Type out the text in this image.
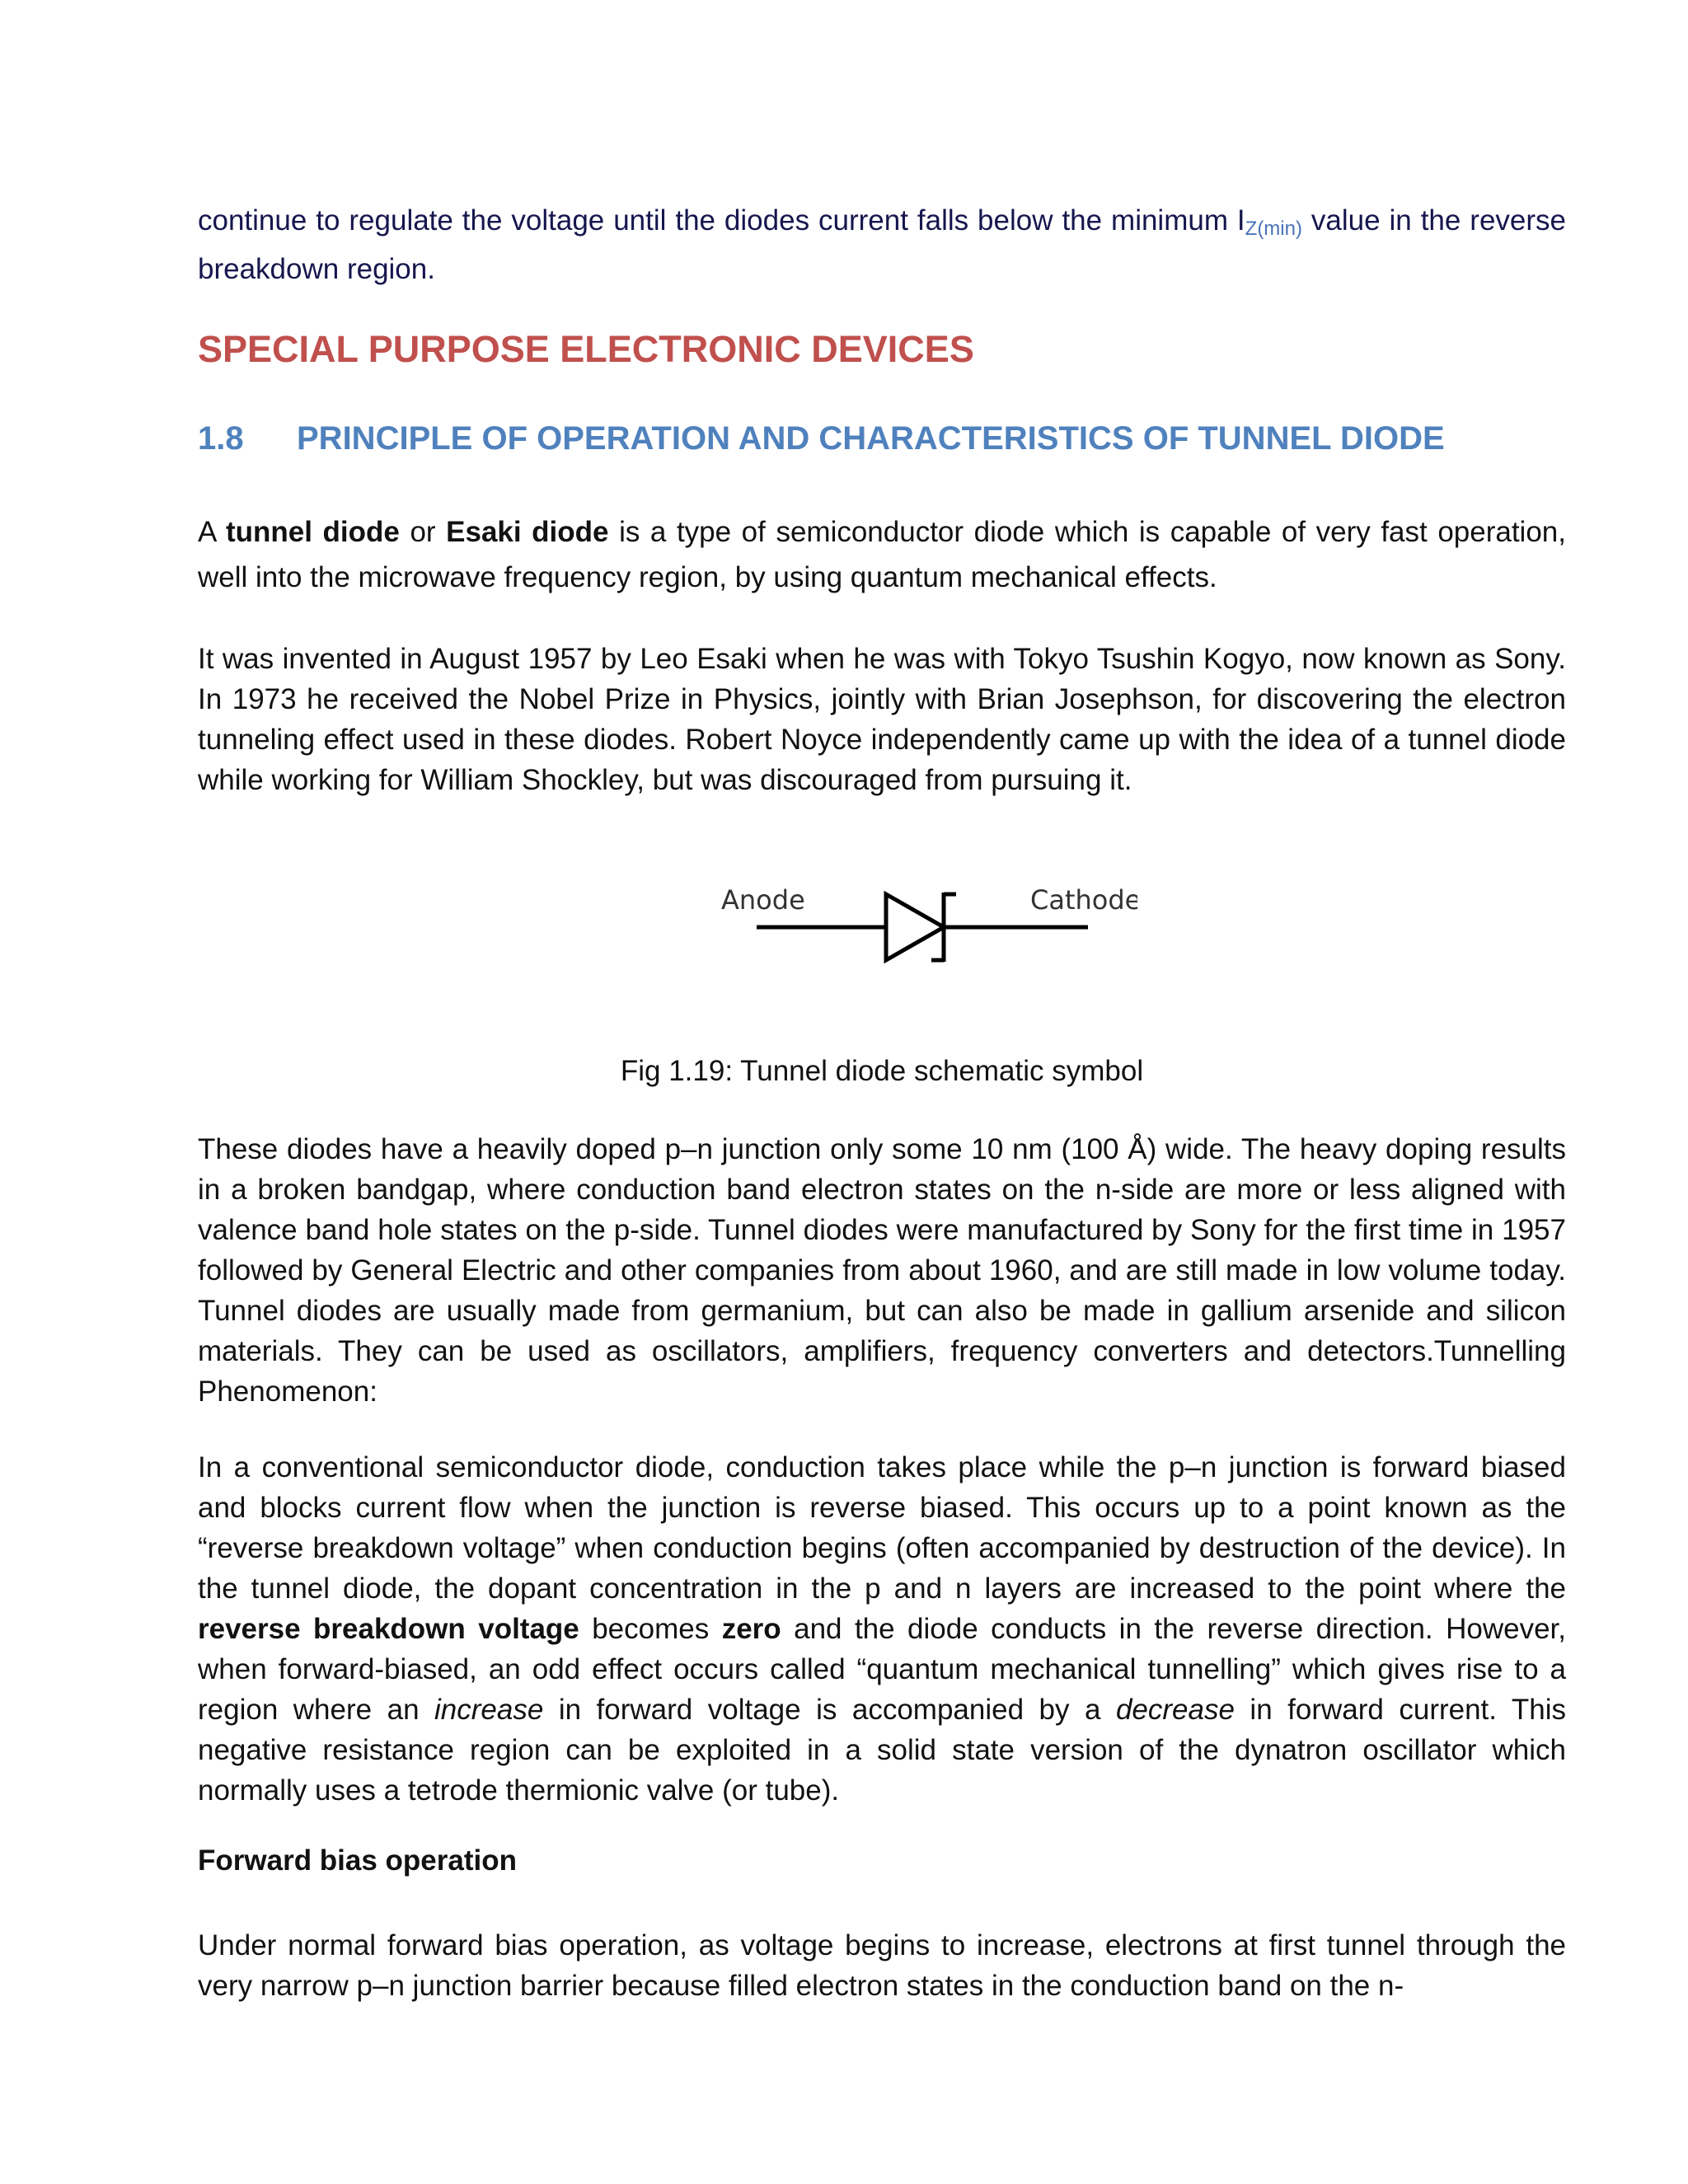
continue to regulate the voltage until the diodes current falls below the minimum IZ(min) value in the reverse breakdown region.

SPECIAL PURPOSE ELECTRONIC DEVICES
1.8 PRINCIPLE OF OPERATION AND CHARACTERISTICS OF TUNNEL DIODE

A tunnel diode or Esaki diode is a type of semiconductor diode which is capable of very fast operation, well into the microwave frequency region, by using quantum mechanical effects.

It was invented in August 1957 by Leo Esaki when he was with Tokyo Tsushin Kogyo, now known as Sony. In 1973 he received the Nobel Prize in Physics, jointly with Brian Josephson, for discovering the electron tunneling effect used in these diodes. Robert Noyce independently came up with the idea of a tunnel diode while working for William Shockley, but was discouraged from pursuing it.

Anode	Cathode

Fig 1.19: Tunnel diode schematic symbol

These diodes have a heavily doped p–n junction only some 10 nm (100 Å) wide. The heavy doping results in a broken bandgap, where conduction band electron states on the n-side are more or less aligned with valence band hole states on the p-side. Tunnel diodes were manufactured by Sony for the first time in 1957 followed by General Electric and other companies from about 1960, and are still made in low volume today. Tunnel diodes are usually made from germanium, but can also be made in gallium arsenide and silicon materials. They can be used as oscillators, amplifiers, frequency converters and detectors.Tunnelling Phenomenon:

In a conventional semiconductor diode, conduction takes place while the p–n junction is forward biased and blocks current flow when the junction is reverse biased. This occurs up to a point known as the “reverse breakdown voltage” when conduction begins (often accompanied by destruction of the device). In the tunnel diode, the dopant concentration in the p and n layers are increased to the point where the reverse breakdown voltage becomes zero and the diode conducts in the reverse direction. However, when forward-biased, an odd effect occurs called “quantum mechanical tunnelling” which gives rise to a region where an increase in forward voltage is accompanied by a decrease in forward current. This negative resistance region can be exploited in a solid state version of the dynatron oscillator which normally uses a tetrode thermionic valve (or tube).

Forward bias operation

Under normal forward bias operation, as voltage begins to increase, electrons at first tunnel through the very narrow p–n junction barrier because filled electron states in the conduction band on the n-
